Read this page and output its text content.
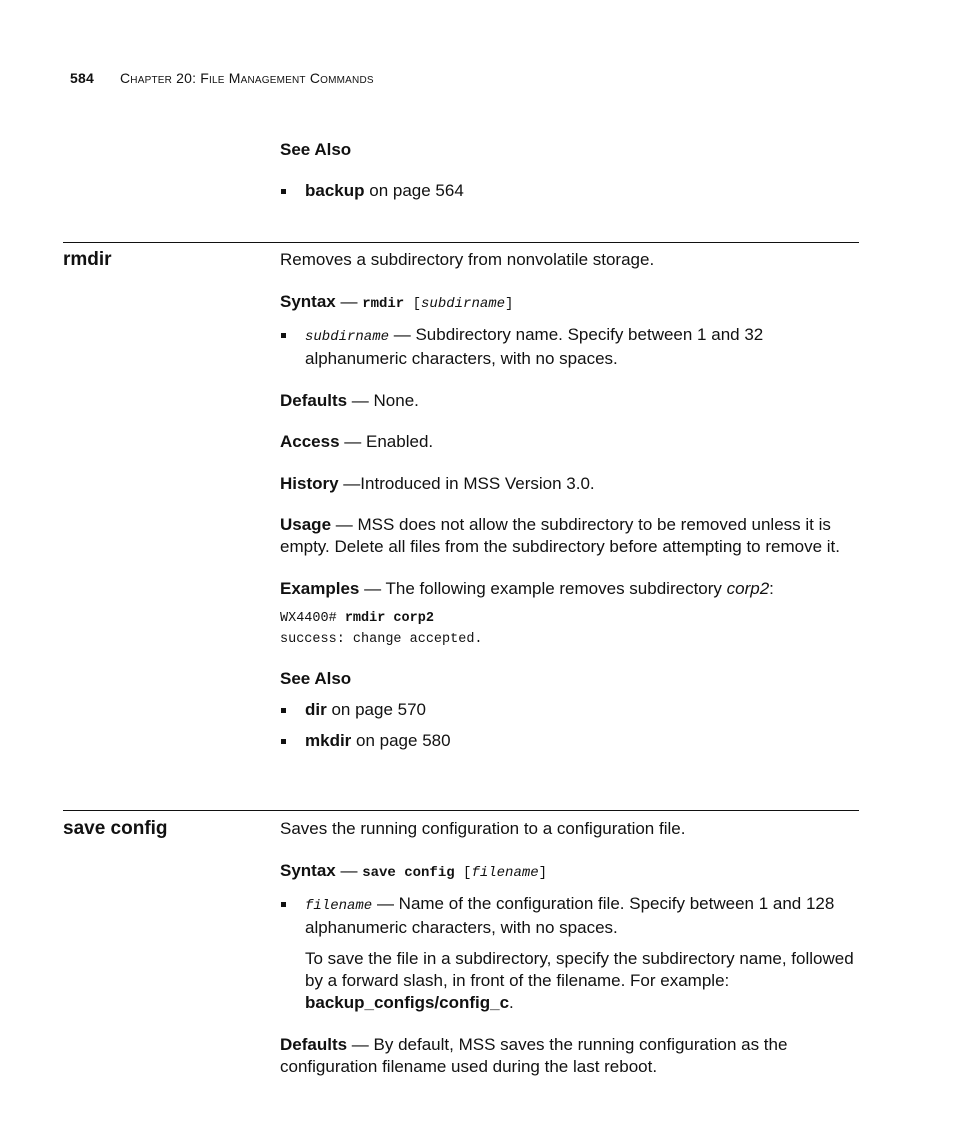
584 Chapter 20: File Management Commands

See Also

backup on page 564

rmdir	Removes a subdirectory from nonvolatile storage.

Syntax — rmdir [subdirname]

subdirname — Subdirectory name. Specify between 1 and 32 alphanumeric characters, with no spaces.

Defaults — None.

Access — Enabled.

History —Introduced in MSS Version 3.0.

Usage — MSS does not allow the subdirectory to be removed unless it is empty. Delete all files from the subdirectory before attempting to remove it.

Examples — The following example removes subdirectory corp2:

WX4400# rmdir corp2

success: change accepted.

See Also

dir on page 570

mkdir on page 580

save config	Saves the running configuration to a configuration file.

Syntax — save config [filename]

filename — Name of the configuration file. Specify between 1 and 128 alphanumeric characters, with no spaces.

To save the file in a subdirectory, specify the subdirectory name, followed by a forward slash, in front of the filename. For example: backup_configs/config_c.

Defaults — By default, MSS saves the running configuration as the configuration filename used during the last reboot.
